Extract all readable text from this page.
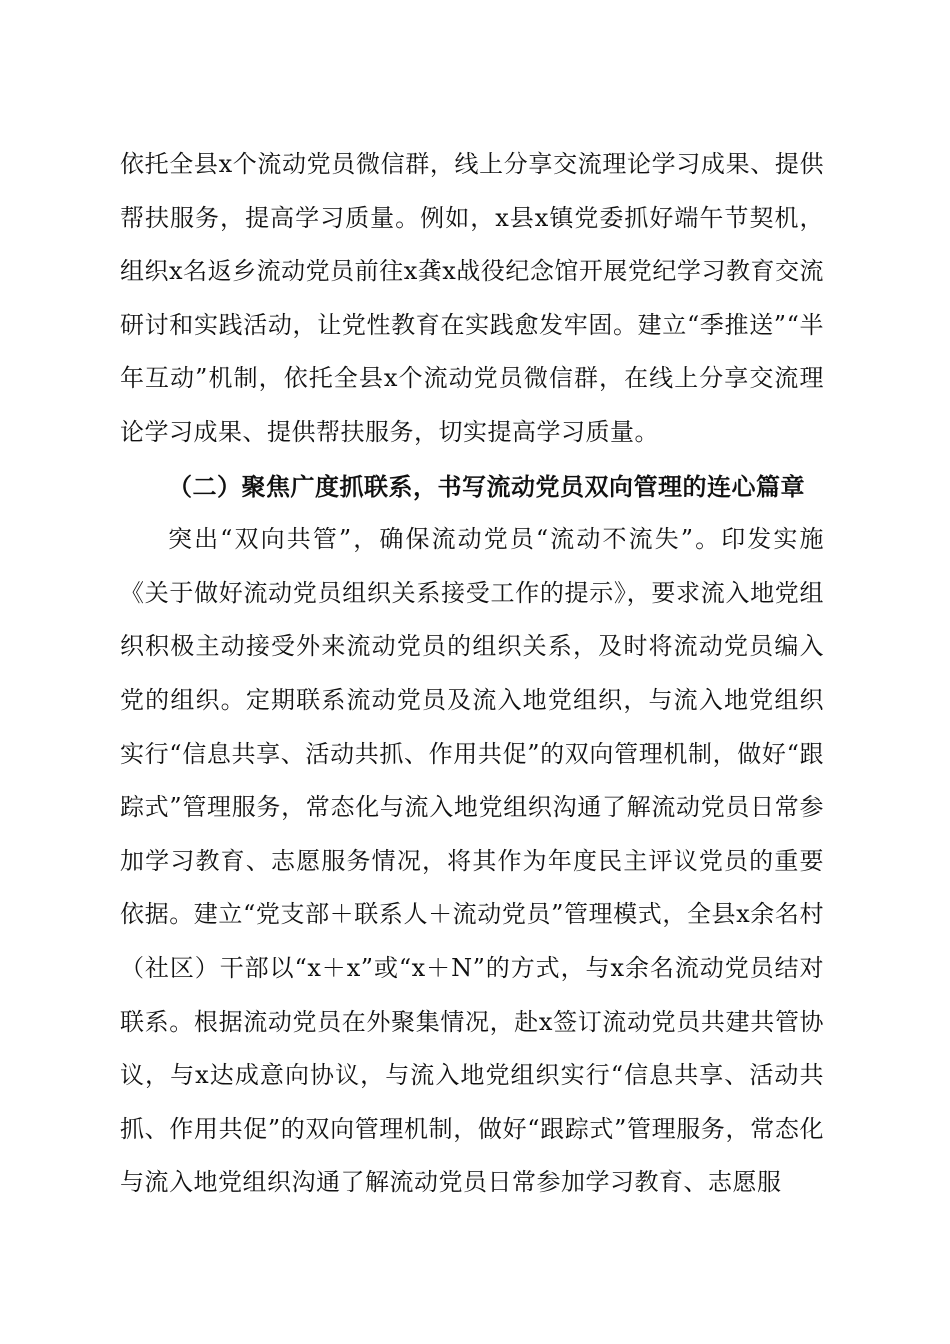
依托全县x个流动党员微信群，线上分享交流理论学习成果、提供帮扶服务，提高学习质量。例如，x县x镇党委抓好端午节契机，组织x名返乡流动党员前往x龚x战役纪念馆开展党纪学习教育交流研讨和实践活动，让党性教育在实践愈发牢固。建立“季推送”“半年互动”机制，依托全县x个流动党员微信群，在线上分享交流理论学习成果、提供帮扶服务，切实提高学习质量。

（二）聚焦广度抓联系，书写流动党员双向管理的连心篇章

突出“双向共管”，确保流动党员“流动不流失”。印发实施《关于做好流动党员组织关系接受工作的提示》，要求流入地党组织积极主动接受外来流动党员的组织关系，及时将流动党员编入党的组织。定期联系流动党员及流入地党组织，与流入地党组织实行“信息共享、活动共抓、作用共促”的双向管理机制，做好“跟踪式”管理服务，常态化与流入地党组织沟通了解流动党员日常参加学习教育、志愿服务情况，将其作为年度民主评议党员的重要依据。建立“党支部＋联系人＋流动党员”管理模式，全县x余名村（社区）干部以“x＋x”或“x＋N”的方式，与x余名流动党员结对联系。根据流动党员在外聚集情况，赴x签订流动党员共建共管协议，与x达成意向协议，与流入地党组织实行“信息共享、活动共抓、作用共促”的双向管理机制，做好“跟踪式”管理服务，常态化与流入地党组织沟通了解流动党员日常参加学习教育、志愿服
